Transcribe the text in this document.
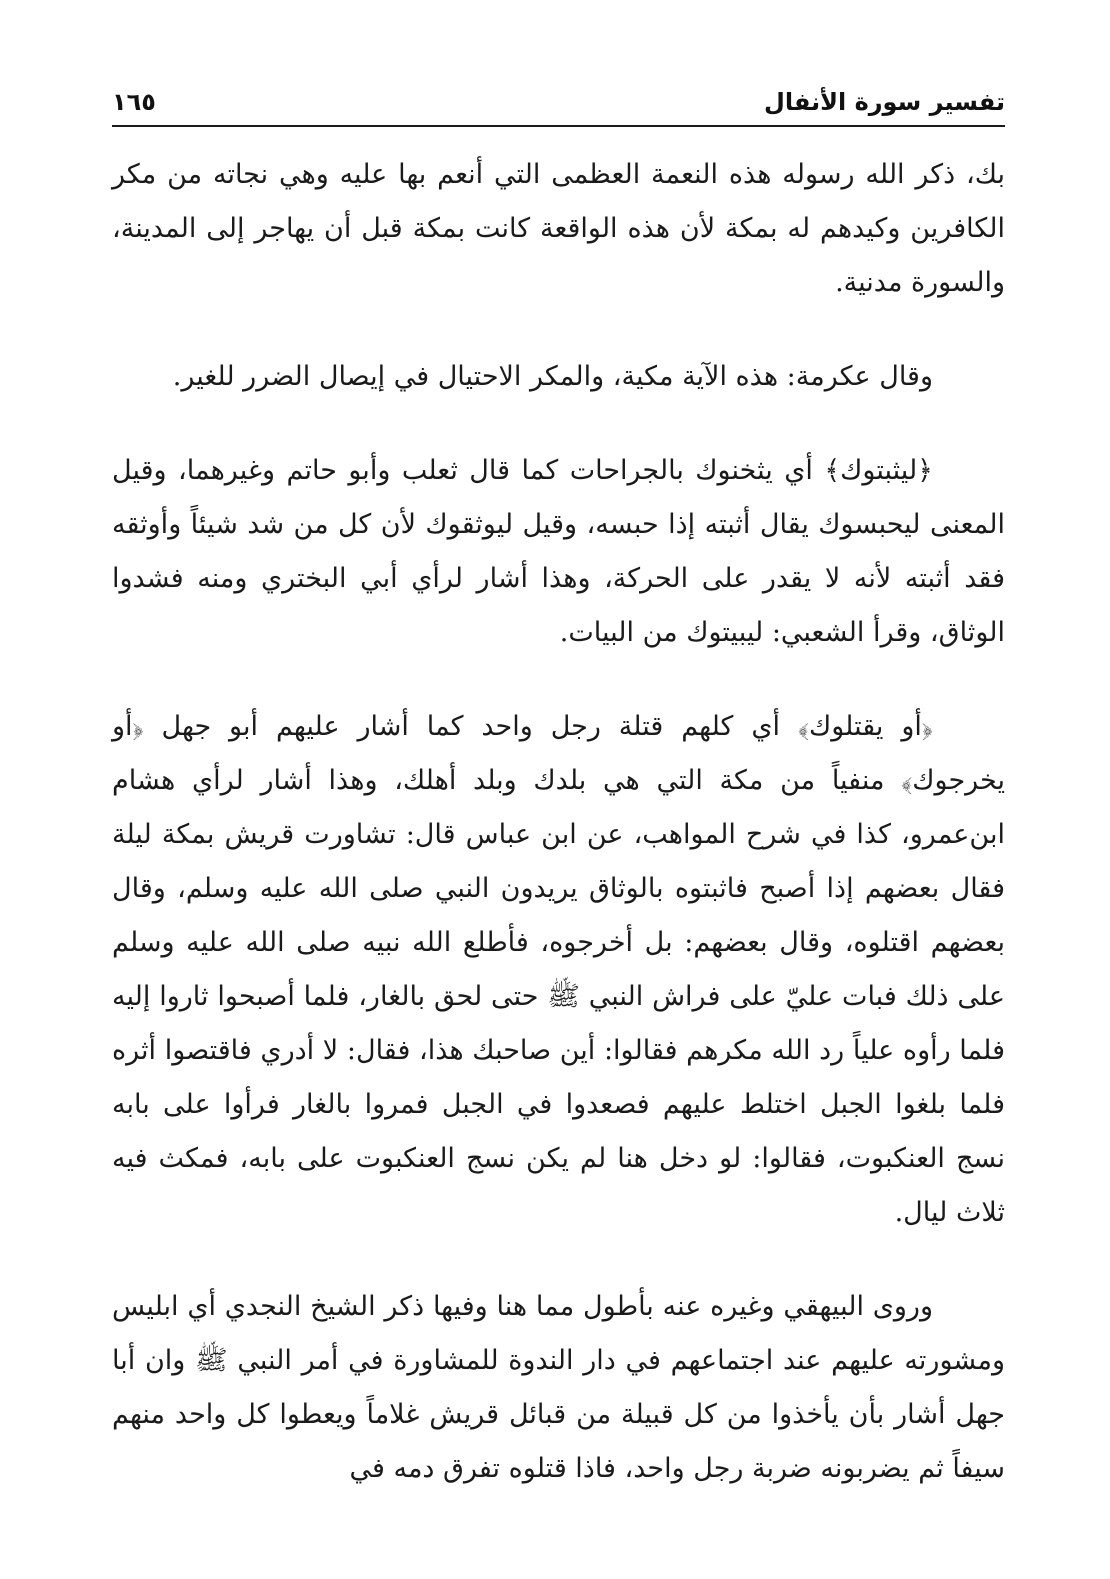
تفسير سورة الأنفال
١٦٥

بك، ذكر الله رسوله هذه النعمة العظمى التي أنعم بها عليه وهي نجاته من مكر الكافرين وكيدهم له بمكة لأن هذه الواقعة كانت بمكة قبل أن يهاجر إلى المدينة، والسورة مدنية.

وقال عكرمة: هذه الآية مكية، والمكر الاحتيال في إيصال الضرر للغير.

﴿ليثبتوك﴾ أي يثخنوك بالجراحات كما قال ثعلب وأبو حاتم وغيرهما، وقيل المعنى ليحبسوك يقال أثبته إذا حبسه، وقيل ليوثقوك لأن كل من شد شيئاً وأوثقه فقد أثبته لأنه لا يقدر على الحركة، وهذا أشار لرأي أبي البختري ومنه فشدوا الوثاق، وقرأ الشعبي: ليبيتوك من البيات.

﴿أو يقتلوك﴾ أي كلهم قتلة رجل واحد كما أشار عليهم أبو جهل ﴿أو يخرجوك﴾ منفياً من مكة التي هي بلدك وبلد أهلك، وهذا أشار لرأي هشام ابن‌عمرو، كذا في شرح المواهب، عن ابن عباس قال: تشاورت قريش بمكة ليلة فقال بعضهم إذا أصبح فاثبتوه بالوثاق يريدون النبي صلى الله عليه وسلم، وقال بعضهم اقتلوه، وقال بعضهم: بل أخرجوه، فأطلع الله نبيه صلى الله عليه وسلم على ذلك فبات عليّ على فراش النبي ﷺ حتى لحق بالغار، فلما أصبحوا ثاروا إليه فلما رأوه علياً رد الله مكرهم فقالوا: أين صاحبك هذا، فقال: لا أدري فاقتصوا أثره فلما بلغوا الجبل اختلط عليهم فصعدوا في الجبل فمروا بالغار فرأوا على بابه نسج العنكبوت، فقالوا: لو دخل هنا لم يكن نسج العنكبوت على بابه، فمكث فيه ثلاث ليال.

وروى البيهقي وغيره عنه بأطول مما هنا وفيها ذكر الشيخ النجدي أي ابليس ومشورته عليهم عند اجتماعهم في دار الندوة للمشاورة في أمر النبي ﷺ وان أبا جهل أشار بأن يأخذوا من كل قبيلة من قبائل قريش غلاماً ويعطوا كل واحد منهم سيفاً ثم يضربونه ضربة رجل واحد، فاذا قتلوه تفرق دمه في
